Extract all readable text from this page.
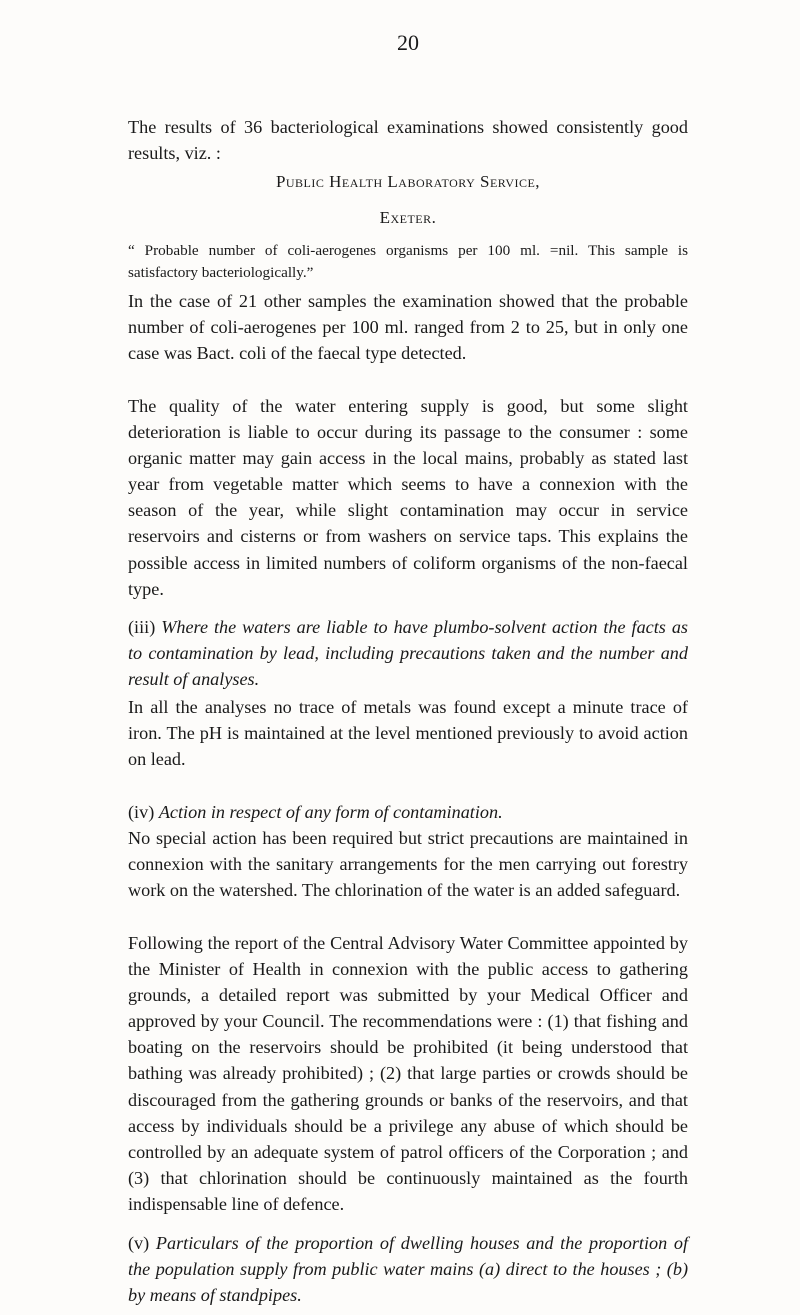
20

The results of 36 bacteriological examinations showed consistently good results, viz. :

Public Health Laboratory Service,
Exeter.

“ Probable number of coli-aerogenes organisms per 100 ml. =nil. This sample is satisfactory bacteriologically.”

In the case of 21 other samples the examination showed that the probable number of coli-aerogenes per 100 ml. ranged from 2 to 25, but in only one case was Bact. coli of the faecal type detected.

The quality of the water entering supply is good, but some slight deterioration is liable to occur during its passage to the consumer : some organic matter may gain access in the local mains, probably as stated last year from vegetable matter which seems to have a connexion with the season of the year, while slight contamination may occur in service reservoirs and cisterns or from washers on service taps. This explains the possible access in limited numbers of coliform organisms of the non-faecal type.

(iii) Where the waters are liable to have plumbo-solvent action the facts as to contamination by lead, including precautions taken and the number and result of analyses.

In all the analyses no trace of metals was found except a minute trace of iron. The pH is maintained at the level mentioned previously to avoid action on lead.

(iv) Action in respect of any form of contamination.

No special action has been required but strict precautions are maintained in connexion with the sanitary arrangements for the men carrying out forestry work on the watershed. The chlorination of the water is an added safeguard.

Following the report of the Central Advisory Water Committee appointed by the Minister of Health in connexion with the public access to gathering grounds, a detailed report was submitted by your Medical Officer and approved by your Council. The recommendations were : (1) that fishing and boating on the reservoirs should be prohibited (it being understood that bathing was already prohibited) ; (2) that large parties or crowds should be discouraged from the gathering grounds or banks of the reservoirs, and that access by individuals should be a privilege any abuse of which should be controlled by an adequate system of patrol officers of the Corporation ; and (3) that chlorination should be continuously maintained as the fourth indispensable line of defence.

(v) Particulars of the proportion of dwelling houses and the proportion of the population supply from public water mains (a) direct to the houses ; (b) by means of standpipes.
